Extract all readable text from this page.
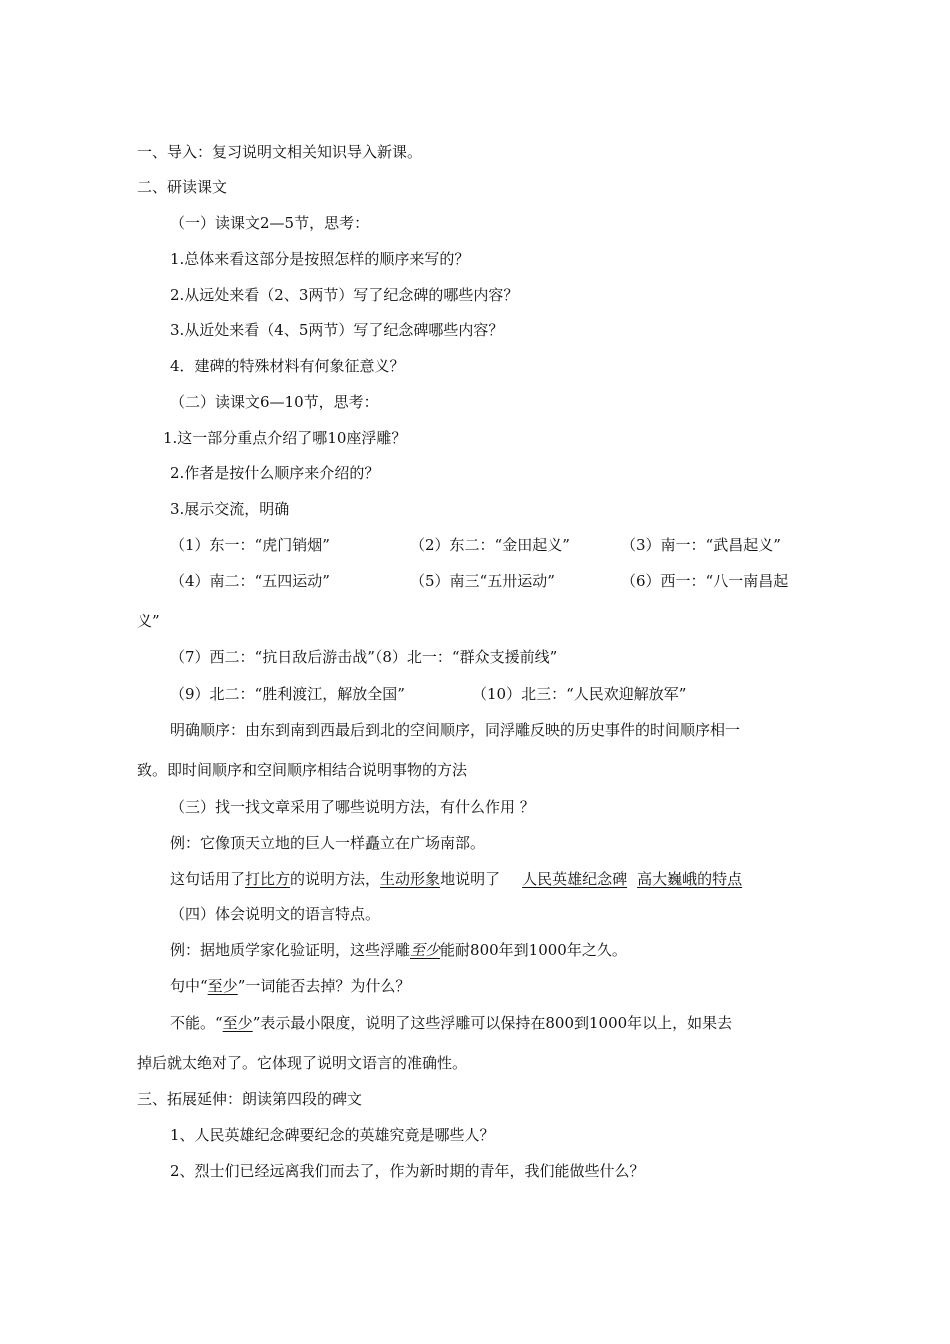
一、导入：复习说明文相关知识导入新课。
二、研读课文
（一）读课文2—5节，思考：
1.总体来看这部分是按照怎样的顺序来写的？
2.从远处来看（2、3两节）写了纪念碑的哪些内容？
3.从近处来看（4、5两节）写了纪念碑哪些内容？
4．建碑的特殊材料有何象征意义？
（二）读课文6—10节，思考：
1.这一部分重点介绍了哪10座浮雕？
2.作者是按什么顺序来介绍的？
3.展示交流，明确
（1）东一：“虎门销烟”	（2）东二：“金田起义”	（3）南一：“武昌起义”
（4）南二：“五四运动”	（5）南三“五卅运动”	（6）西一：“八一南昌起
义”
（7）西二：“抗日敌后游击战”（8）北一：“群众支援前线”
（9）北二：“胜利渡江，解放全国”	（10）北三：“人民欢迎解放军”
明确顺序：由东到南到西最后到北的空间顺序，同浮雕反映的历史事件的时间顺序相一
致。即时间顺序和空间顺序相结合说明事物的方法
（三）找一找文章采用了哪些说明方法，有什么作用 ？
例：它像顶天立地的巨人一样矗立在广场南部。
这句话用了打比方的说明方法，生动形象地说明了 人民英雄纪念碑 高大巍峨的特点
（四）体会说明文的语言特点。
例：据地质学家化验证明，这些浮雕至少能耐800年到1000年之久。
句中“至少”一词能否去掉？为什么？
不能。“至少”表示最小限度，说明了这些浮雕可以保持在800到1000年以上，如果去
掉后就太绝对了。它体现了说明文语言的准确性。
三、拓展延伸：朗读第四段的碑文
1、人民英雄纪念碑要纪念的英雄究竟是哪些人？
2、烈士们已经远离我们而去了，作为新时期的青年，我们能做些什么？
